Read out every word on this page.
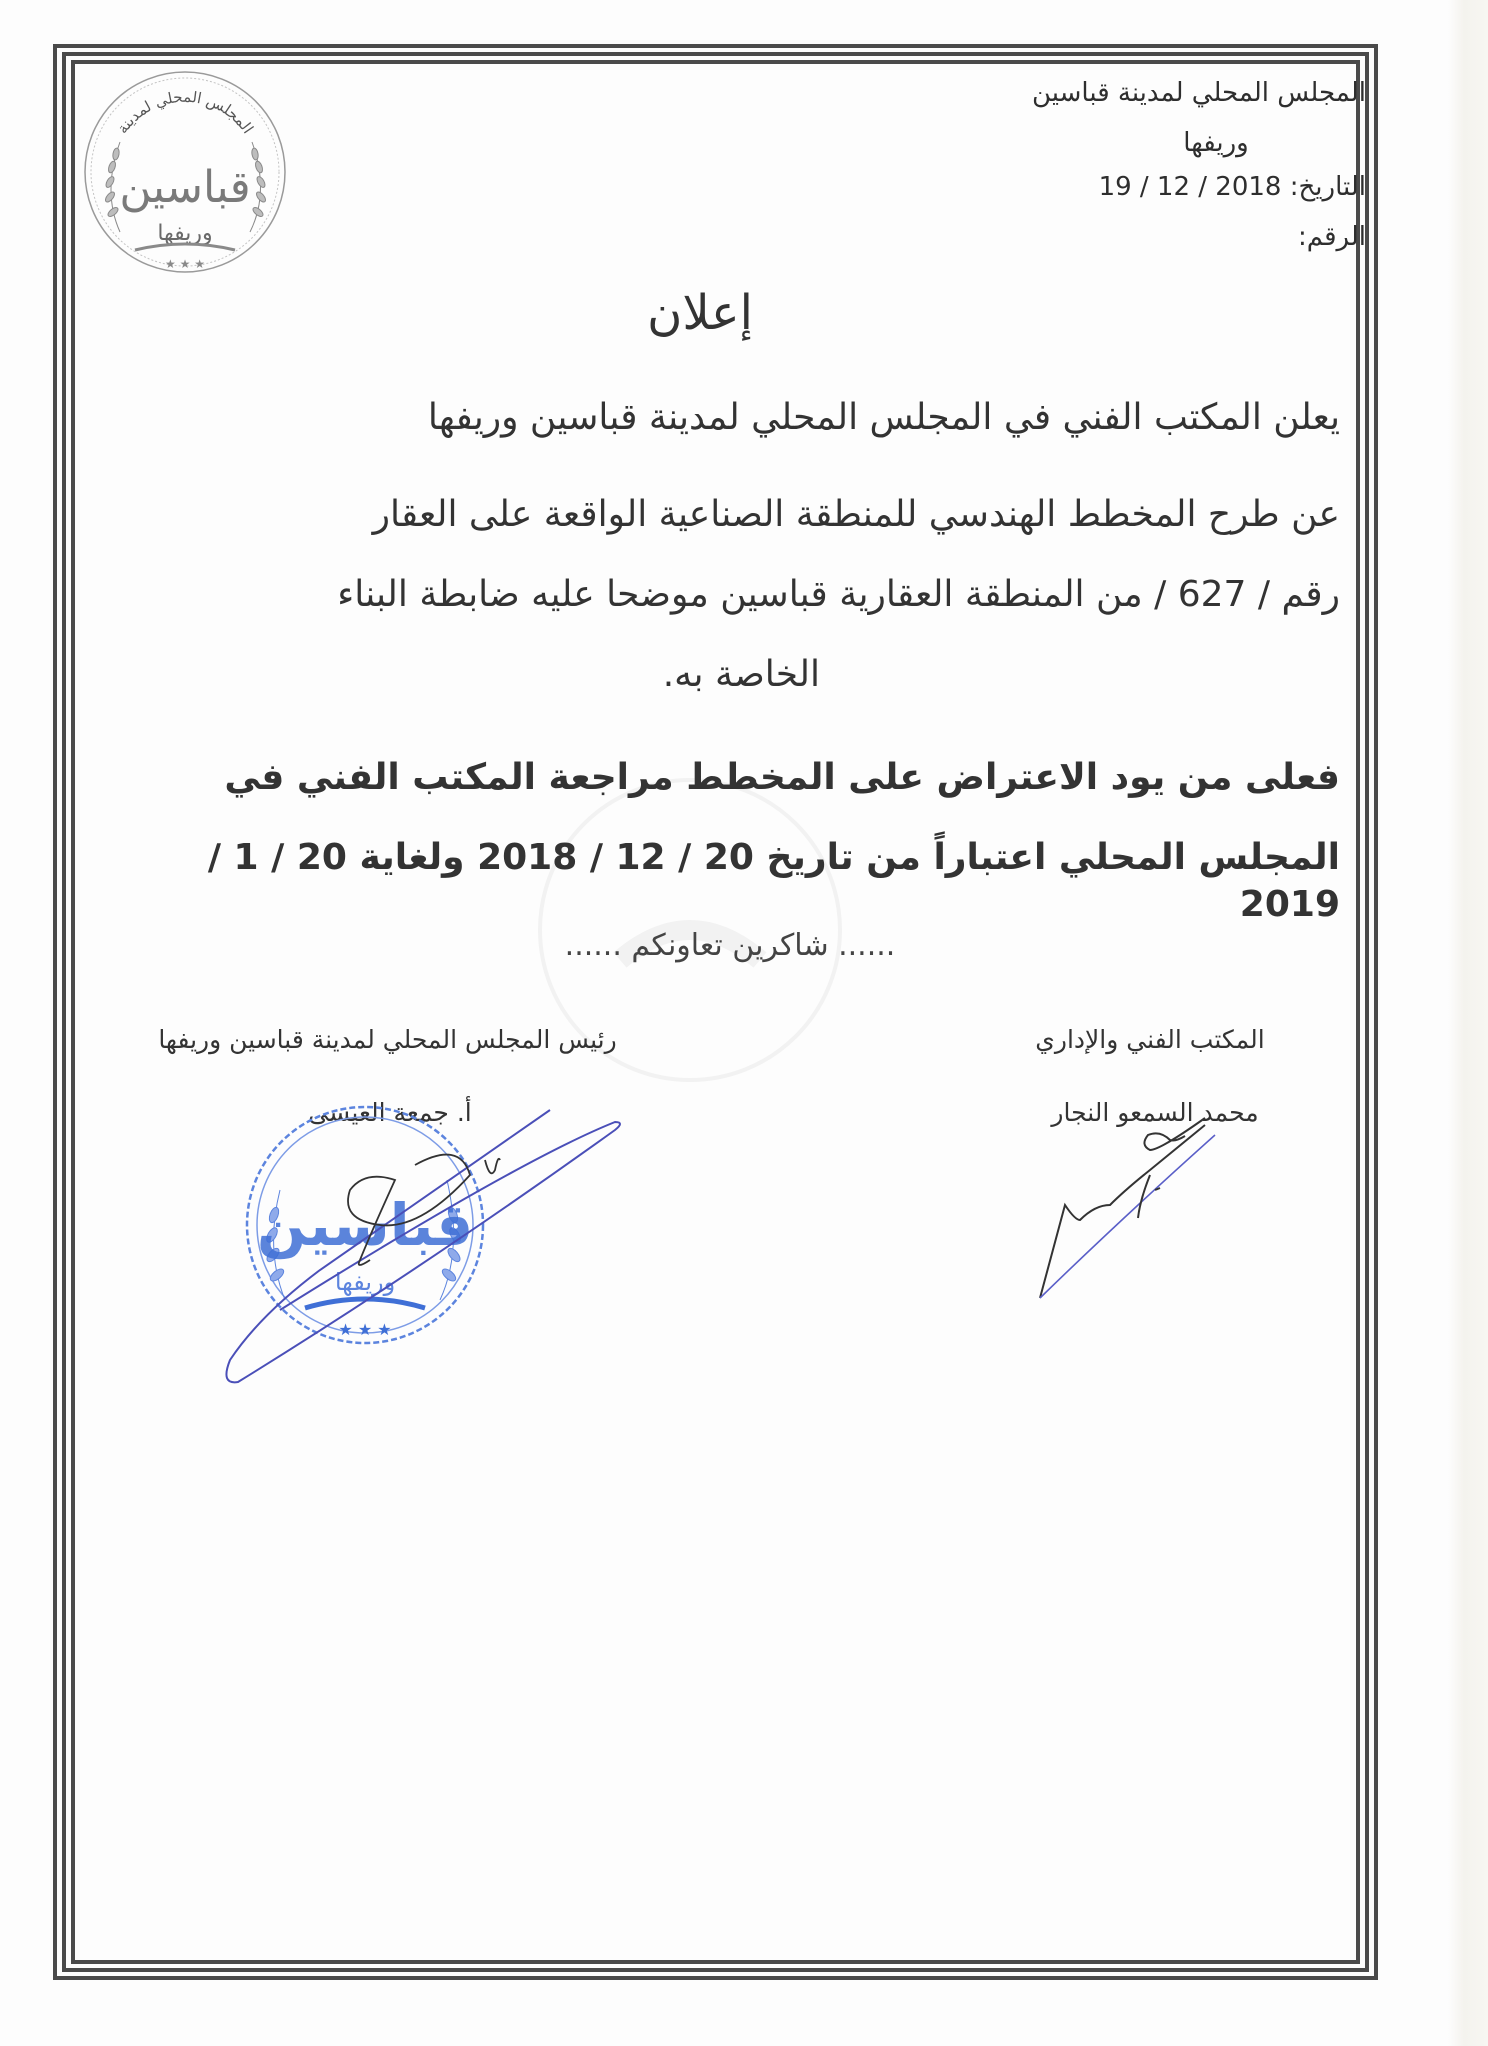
المجلس المحلي لمدينة قباسين
وريفها
التاريخ: 19 / 12 / 2018
الرقم:
المجلس المحلي لمدينة
قباسين
وريفها
★ ★ ★
إعلان
يعلن المكتب الفني في المجلس المحلي لمدينة قباسين وريفها
عن طرح المخطط الهندسي للمنطقة الصناعية الواقعة على العقار
رقم / 627 / من المنطقة العقارية قباسين موضحا عليه ضابطة البناء
الخاصة به.
فعلى من يود الاعتراض على المخطط مراجعة المكتب الفني في
المجلس المحلي اعتباراً من تاريخ 20 / 12 / 2018 ولغاية 20 / 1 / 2019
...... شاكرين تعاونكم ......
رئيس المجلس المحلي لمدينة قباسين وريفها
أ. جمعة العيسى
المكتب الفني والإداري
محمد السمعو النجار
قباسين
وريفها
★ ★ ★
